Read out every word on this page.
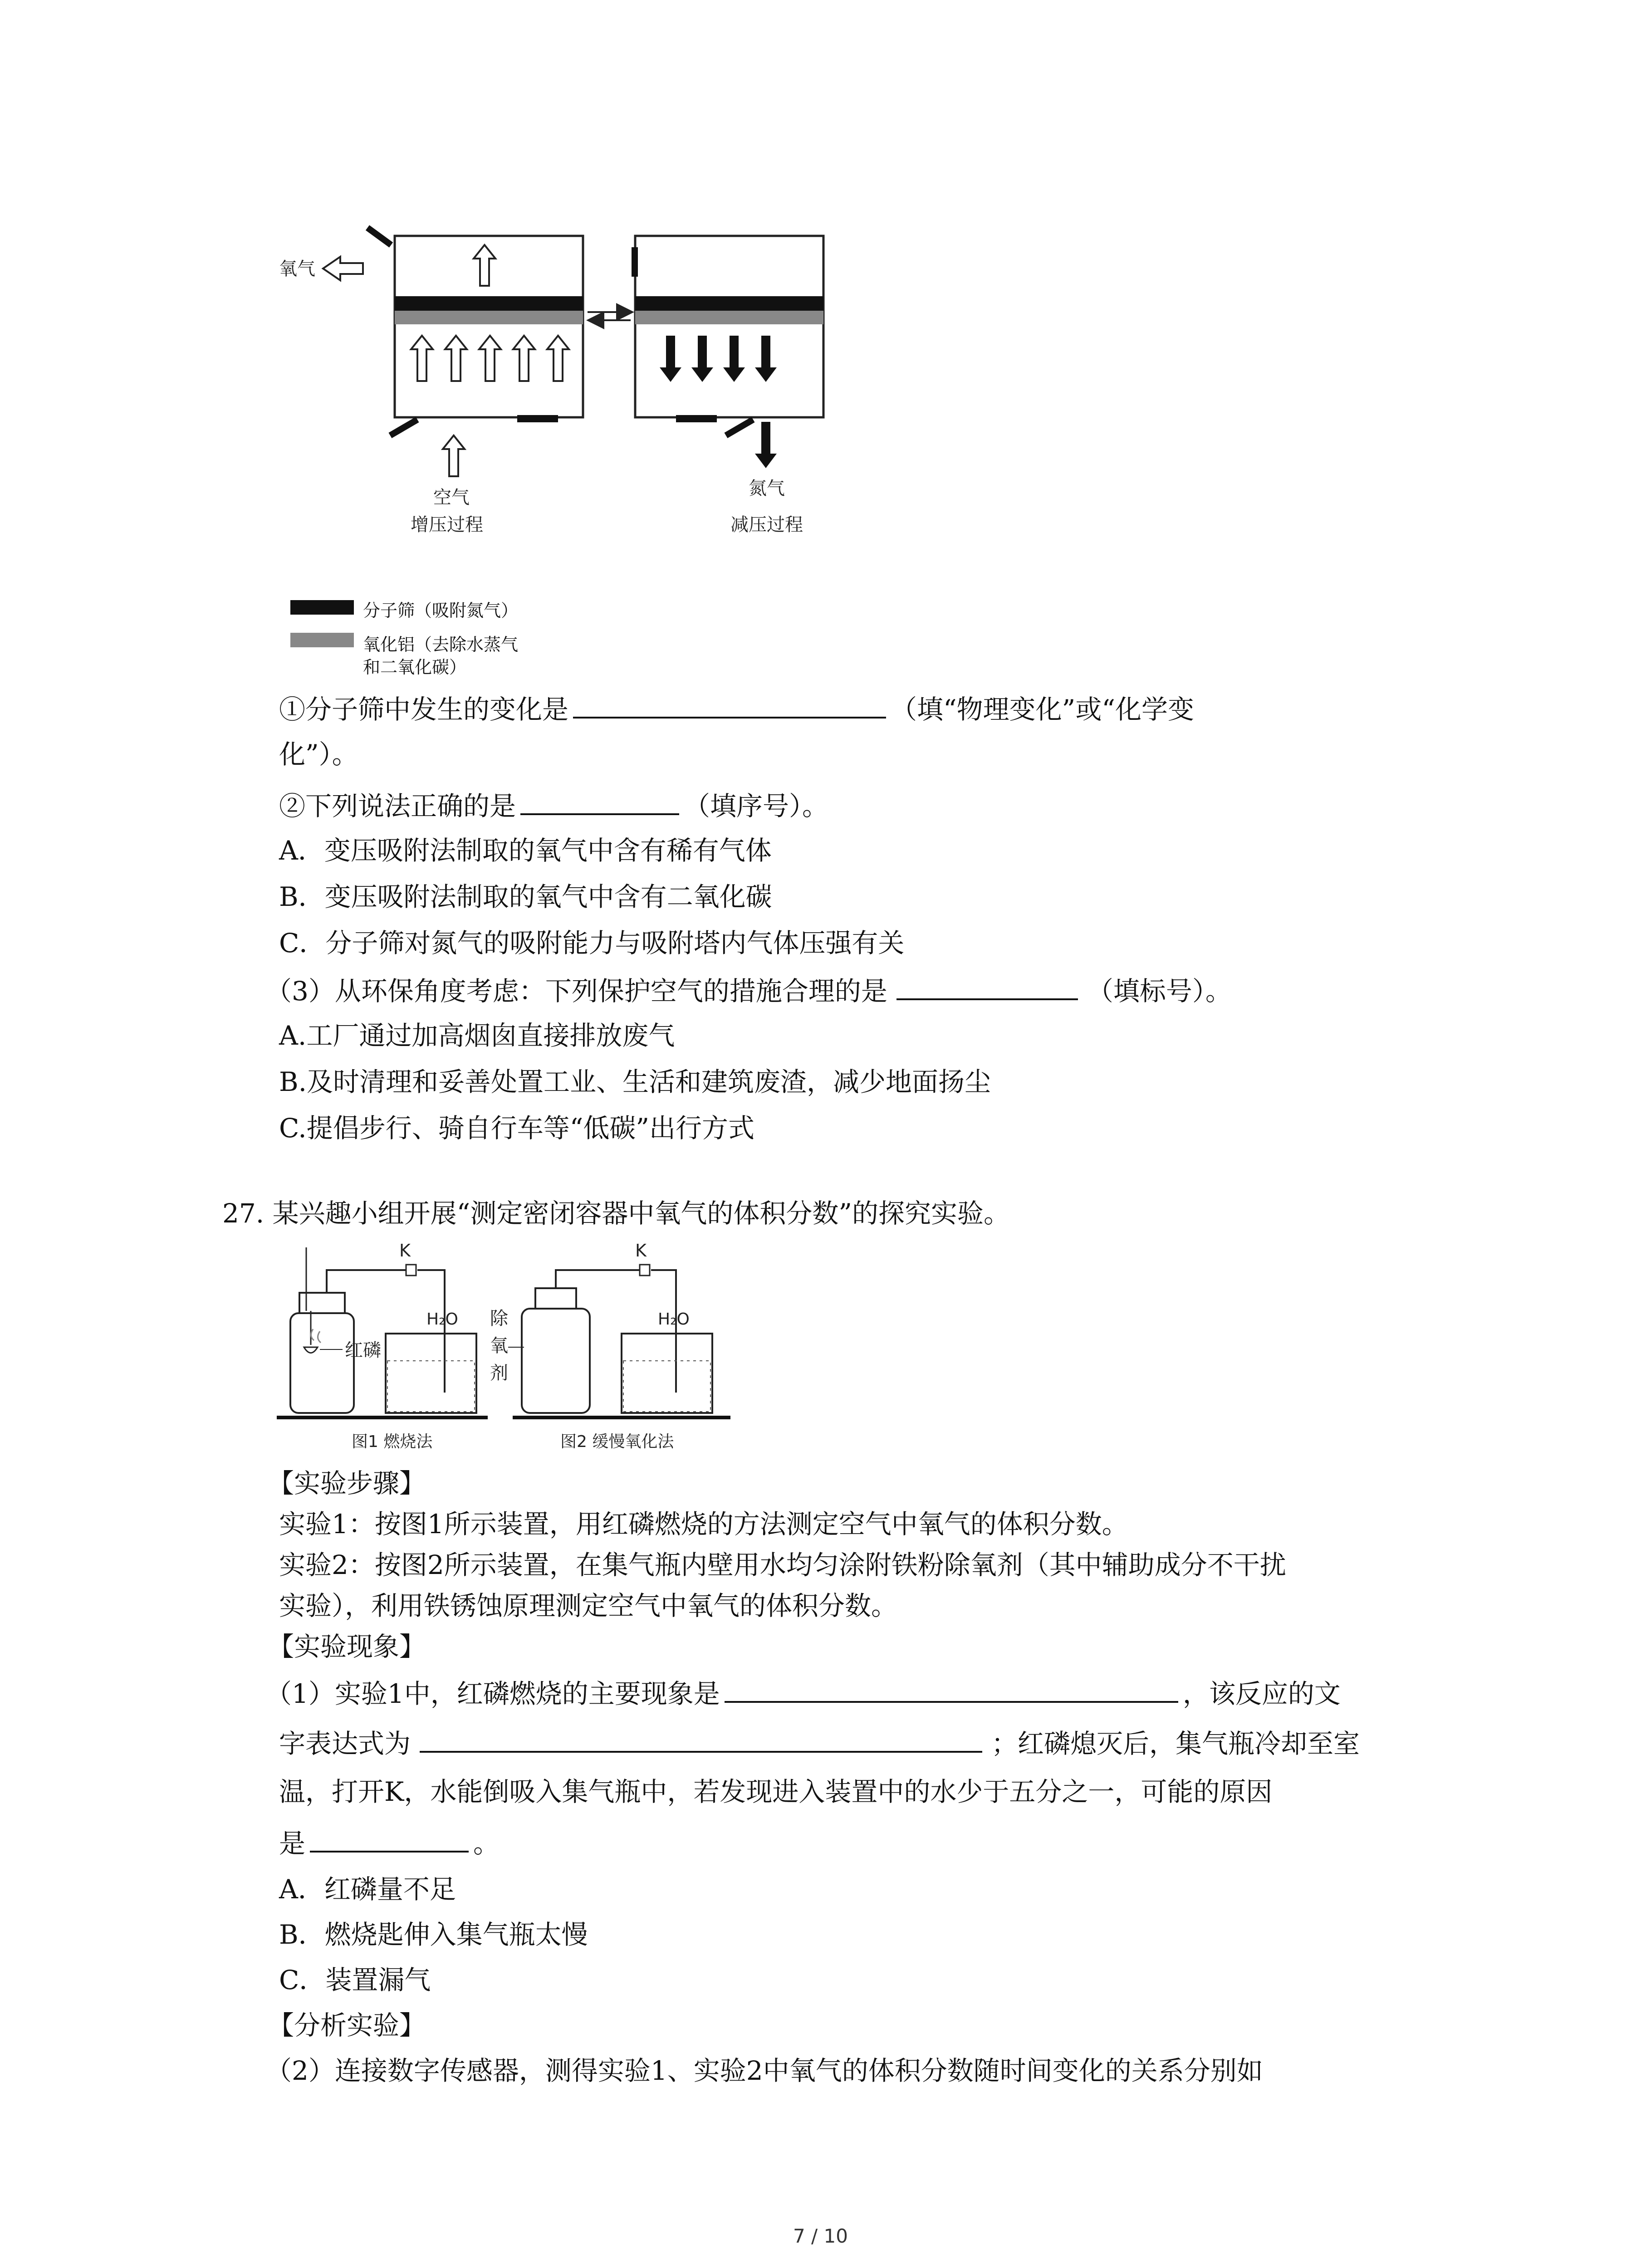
氧气
空气
增压过程
氮气
减压过程
分子筛（吸附氮气）
氧化铝（去除水蒸气
和二氧化碳）
①分子筛中发生的变化是	（填“物理变化”或“化学变
化”）。
②下列说法正确的是	（填序号）。
A．变压吸附法制取的氧气中含有稀有气体
B．变压吸附法制取的氧气中含有二氧化碳
C．分子筛对氮气的吸附能力与吸附塔内气体压强有关
（3）从环保角度考虑：下列保护空气的措施合理的是	（填标号）。
A.工厂通过加高烟囱直接排放废气
B.及时清理和妥善处置工业、生活和建筑废渣，减少地面扬尘
C.提倡步行、骑自行车等“低碳”出行方式
27. 某兴趣小组开展“测定密闭容器中氧气的体积分数”的探究实验。
K	K
H₂O	H₂O
红磷
除
氧
剂
图1 燃烧法	图2 缓慢氧化法
【实验步骤】
实验1：按图1所示装置，用红磷燃烧的方法测定空气中氧气的体积分数。
实验2：按图2所示装置，在集气瓶内壁用水均匀涂附铁粉除氧剂（其中辅助成分不干扰
实验），利用铁锈蚀原理测定空气中氧气的体积分数。
【实验现象】
（1）实验1中，红磷燃烧的主要现象是	，该反应的文
字表达式为	；红磷熄灭后，集气瓶冷却至室
温，打开K，水能倒吸入集气瓶中，若发现进入装置中的水少于五分之一，可能的原因
是	。
A．红磷量不足
B．燃烧匙伸入集气瓶太慢
C．装置漏气
【分析实验】
（2）连接数字传感器，测得实验1、实验2中氧气的体积分数随时间变化的关系分别如
7 / 10
